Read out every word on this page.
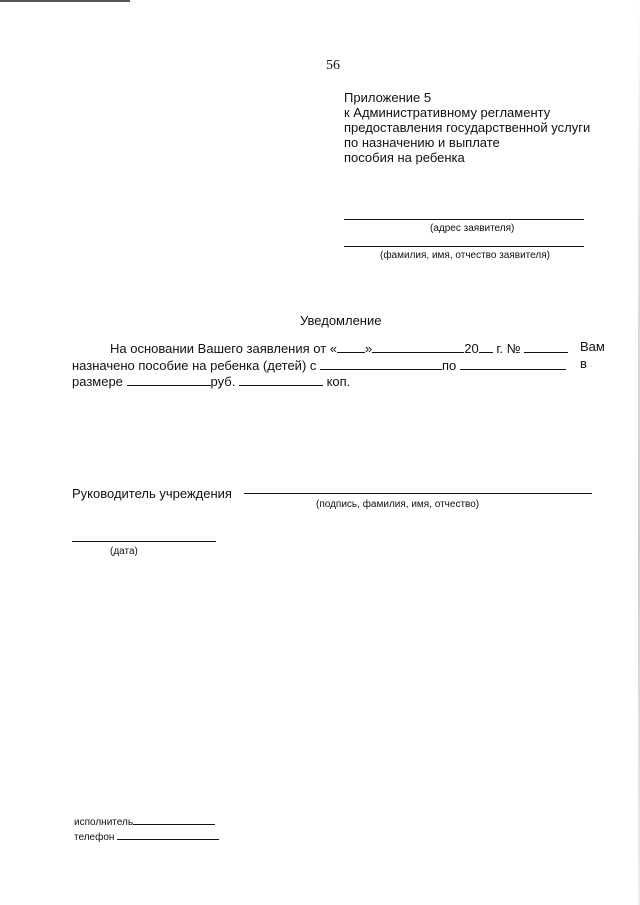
56
Приложение 5
к Административному регламенту
предоставления государственной услуги
по назначению и выплате
пособия на ребенка
(адрес заявителя)
(фамилия, имя, отчество заявителя)
Уведомление
На основании Вашего заявления от « »	20 г. №	Вам
назначено пособие на ребенка (детей) с	по	в
размере	руб.	коп.
Руководитель учреждения
(подпись, фамилия, имя, отчество)
(дата)
исполнитель
телефон
